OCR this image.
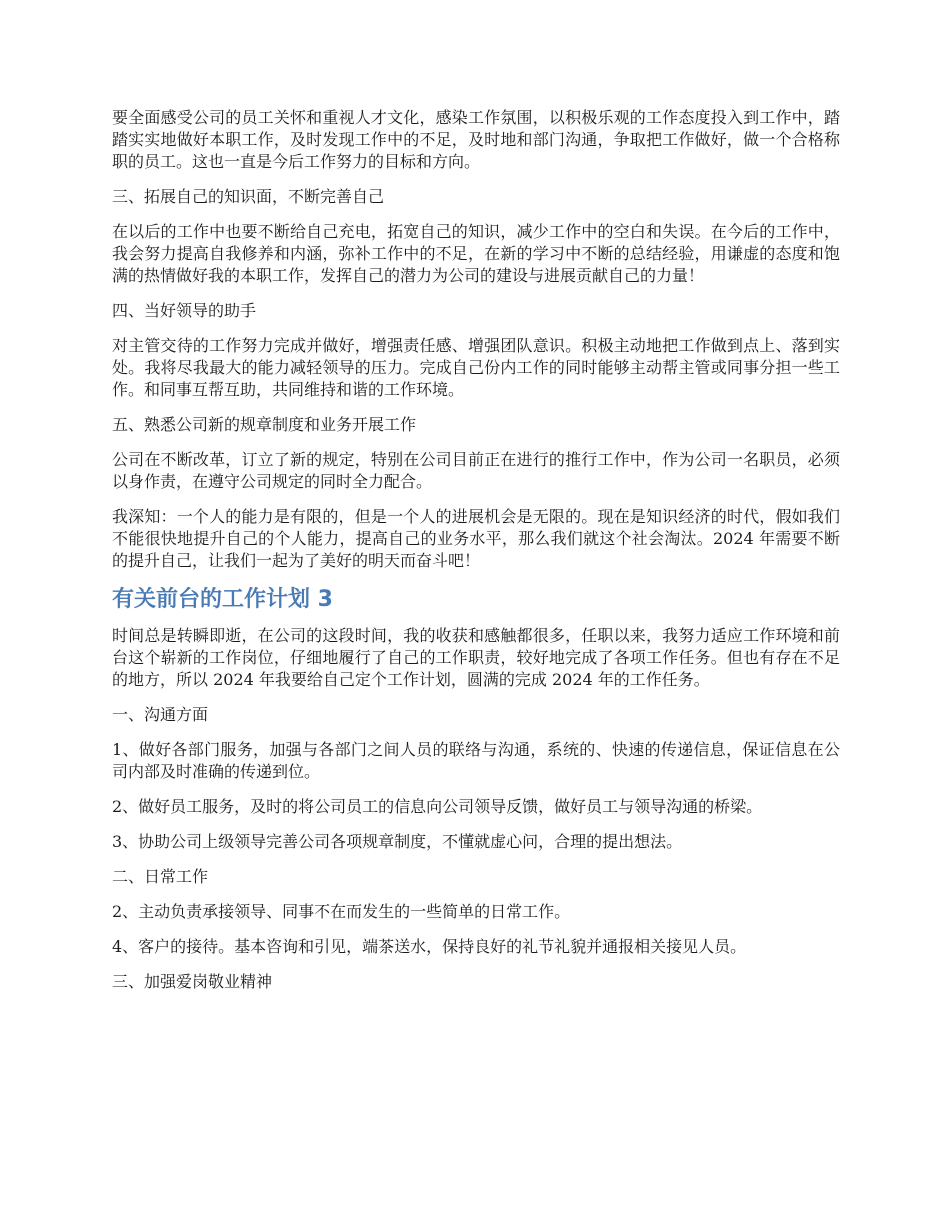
要全面感受公司的员工关怀和重视人才文化，感染工作氛围，以积极乐观的工作态度投入到工作中，踏踏实实地做好本职工作，及时发现工作中的不足，及时地和部门沟通，争取把工作做好，做一个合格称职的员工。这也一直是今后工作努力的目标和方向。

三、拓展自己的知识面，不断完善自己

在以后的工作中也要不断给自己充电，拓宽自己的知识，减少工作中的空白和失误。在今后的工作中，我会努力提高自我修养和内涵，弥补工作中的不足，在新的学习中不断的总结经验，用谦虚的态度和饱满的热情做好我的本职工作，发挥自己的潜力为公司的建设与进展贡献自己的力量！

四、当好领导的助手

对主管交待的工作努力完成并做好，增强责任感、增强团队意识。积极主动地把工作做到点上、落到实处。我将尽我最大的能力减轻领导的压力。完成自己份内工作的同时能够主动帮主管或同事分担一些工作。和同事互帮互助，共同维持和谐的工作环境。

五、熟悉公司新的规章制度和业务开展工作

公司在不断改革，订立了新的规定，特别在公司目前正在进行的推行工作中，作为公司一名职员，必须以身作责，在遵守公司规定的同时全力配合。

我深知：一个人的能力是有限的，但是一个人的进展机会是无限的。现在是知识经济的时代，假如我们不能很快地提升自己的个人能力，提高自己的业务水平，那么我们就这个社会淘汰。2024 年需要不断的提升自己，让我们一起为了美好的明天而奋斗吧！

有关前台的工作计划 3

时间总是转瞬即逝，在公司的这段时间，我的收获和感触都很多，任职以来，我努力适应工作环境和前台这个崭新的工作岗位，仔细地履行了自己的工作职责，较好地完成了各项工作任务。但也有存在不足的地方，所以 2024 年我要给自己定个工作计划，圆满的完成 2024 年的工作任务。

一、沟通方面

1、做好各部门服务，加强与各部门之间人员的联络与沟通，系统的、快速的传递信息，保证信息在公司内部及时准确的传递到位。

2、做好员工服务，及时的将公司员工的信息向公司领导反馈，做好员工与领导沟通的桥梁。

3、协助公司上级领导完善公司各项规章制度，不懂就虚心问，合理的提出想法。

二、日常工作

2、主动负责承接领导、同事不在而发生的一些简单的日常工作。

4、客户的接待。基本咨询和引见，端茶送水，保持良好的礼节礼貌并通报相关接见人员。

三、加强爱岗敬业精神
